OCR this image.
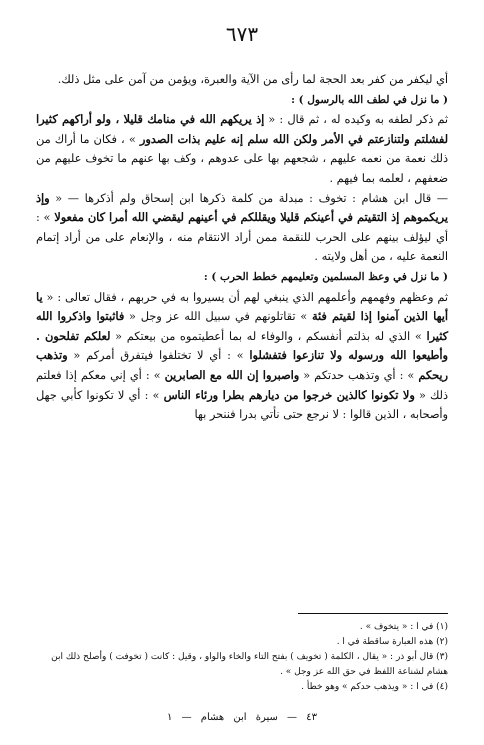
٦٧٣

أي ليكفر من كفر بعد الحجة لما رأى من الآية والعبرة، ويؤمن من آمن على مثل ذلك.

( ما نزل في لطف الله بالرسول ) :

ثم ذكر لطفه به وكيده له ، ثم قال : « إذ يريكهم الله في منامك قليلا ، ولو أراكهم كثيرا لفشلتم ولتنازعتم في الأمر ولكن الله سلم إنه عليم بذات الصدور » ، فكان ما أراك من ذلك نعمة من نعمه عليهم ، شجعهم بها على عدوهم ، وكف بها عنهم ما تخوف عليهم من ضعفهم ، لعلمه بما فيهم .

— قال ابن هشام : تخوف : مبدلة من كلمة ذكرها ابن إسحاق ولم أذكرها — « وإذ يريكموهم إذ التقيتم في أعينكم قليلا ويقللكم في أعينهم ليقضي الله أمرا كان مفعولا » : أي ليؤلف بينهم على الحرب للنقمة ممن أراد الانتقام منه ، والإنعام على من أراد إتمام النعمة عليه ، من أهل ولايته .

( ما نزل في وعظ المسلمين وتعليمهم خطط الحرب ) :

ثم وعظهم وفهمهم وأعلمهم الذي ينبغي لهم أن يسيروا به في حربهم ، فقال تعالى : « يا أيها الذين آمنوا إذا لقيتم فئة » تقاتلونهم في سبيل الله عز وجل « فاثبتوا واذكروا الله كثيرا » الذي له بذلتم أنفسكم ، والوفاء له بما أعطيتموه من بيعتكم « لعلكم تفلحون . وأطيعوا الله ورسوله ولا تنازعوا فتفشلوا » : أي لا تختلفوا فيتفرق أمركم « وتذهب ريحكم » : أي وتذهب حدتكم « واصبروا إن الله مع الصابرين » : أي إني معكم إذا فعلتم ذلك « ولا تكونوا كالذين خرجوا من ديارهم بطرا ورئاء الناس » : أي لا تكونوا كأبي جهل وأصحابه ، الذين قالوا : لا نرجع حتى نأتي بدرا فننحر بها

(١) في ا : « يتخوف » .

(٢) هذه العبارة ساقطة في ا .

(٣) قال أبو ذر : « يقال ، الكلمة ( تخويف ) بفتح التاء والخاء والواو ، وقيل : كانت ( تخوفت ) وأصلح ذلك ابن هشام لشناعة اللفظ في حق الله عز وجل » .

(٤) في ا : « ويذهب حدكم » وهو خطأ .

٤٣ — سيرة ابن هشام — ١
